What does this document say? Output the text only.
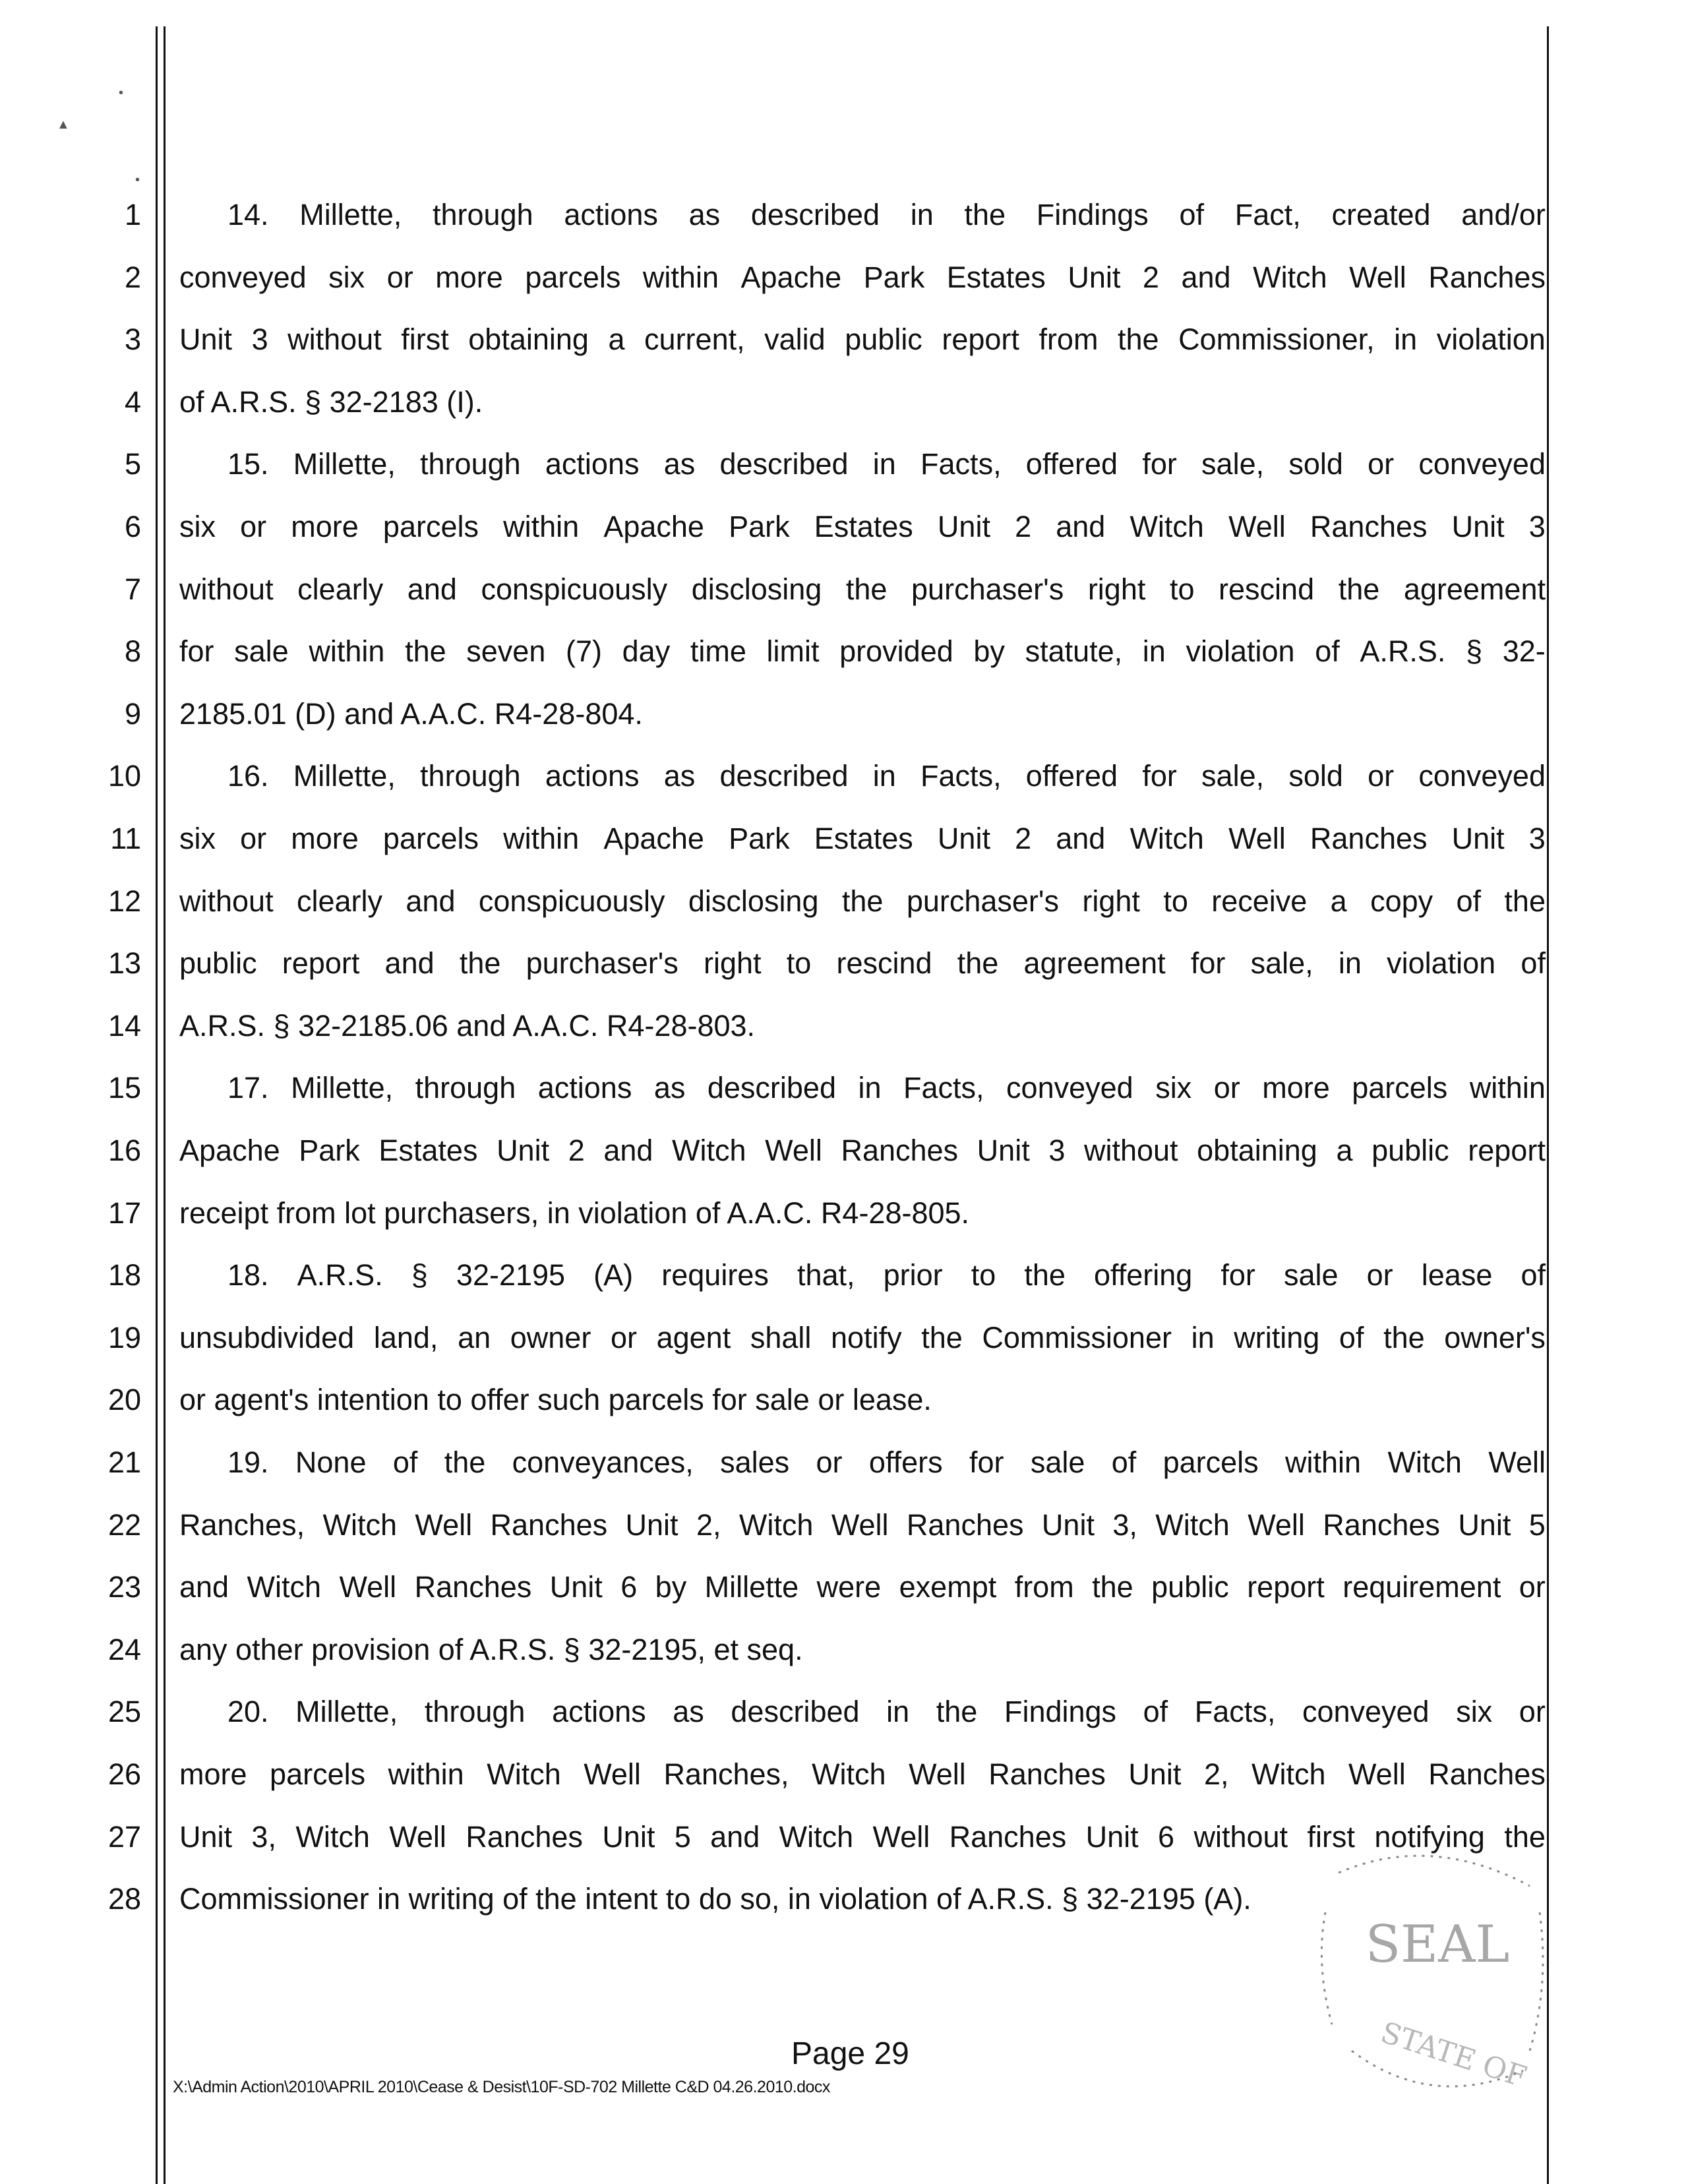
•
▲
•
1	14. Millette, through actions as described in the Findings of Fact, created and/or
2 conveyed six or more parcels within Apache Park Estates Unit 2 and Witch Well Ranches
3 Unit 3 without first obtaining a current, valid public report from the Commissioner, in violation
4 of A.R.S. § 32-2183 (I).
5	15. Millette, through actions as described in Facts, offered for sale, sold or conveyed
6 six or more parcels within Apache Park Estates Unit 2 and Witch Well Ranches Unit 3
7 without clearly and conspicuously disclosing the purchaser's right to rescind the agreement
8 for sale within the seven (7) day time limit provided by statute, in violation of A.R.S. § 32-
9 2185.01 (D) and A.A.C. R4-28-804.
10	16. Millette, through actions as described in Facts, offered for sale, sold or conveyed
11 six or more parcels within Apache Park Estates Unit 2 and Witch Well Ranches Unit 3
12 without clearly and conspicuously disclosing the purchaser's right to receive a copy of the
13 public report and the purchaser's right to rescind the agreement for sale, in violation of
14 A.R.S. § 32-2185.06 and A.A.C. R4-28-803.
15	17. Millette, through actions as described in Facts, conveyed six or more parcels within
16 Apache Park Estates Unit 2 and Witch Well Ranches Unit 3 without obtaining a public report
17 receipt from lot purchasers, in violation of A.A.C. R4-28-805.
18	18. A.R.S. § 32-2195 (A) requires that, prior to the offering for sale or lease of
19 unsubdivided land, an owner or agent shall notify the Commissioner in writing of the owner's
20 or agent's intention to offer such parcels for sale or lease.
21	19. None of the conveyances, sales or offers for sale of parcels within Witch Well
22 Ranches, Witch Well Ranches Unit 2, Witch Well Ranches Unit 3, Witch Well Ranches Unit 5
23 and Witch Well Ranches Unit 6 by Millette were exempt from the public report requirement or
24 any other provision of A.R.S. § 32-2195, et seq.
25	20. Millette, through actions as described in the Findings of Facts, conveyed six or
26 more parcels within Witch Well Ranches, Witch Well Ranches Unit 2, Witch Well Ranches
27 Unit 3, Witch Well Ranches Unit 5 and Witch Well Ranches Unit 6 without first notifying the
28 Commissioner in writing of the intent to do so, in violation of A.R.S. § 32-2195 (A).
Page 29
X:\Admin Action\2010\APRIL 2010\Cease & Desist\10F-SD-702 Millette C&D 04.26.2010.docx
SEAL
STATE OF
